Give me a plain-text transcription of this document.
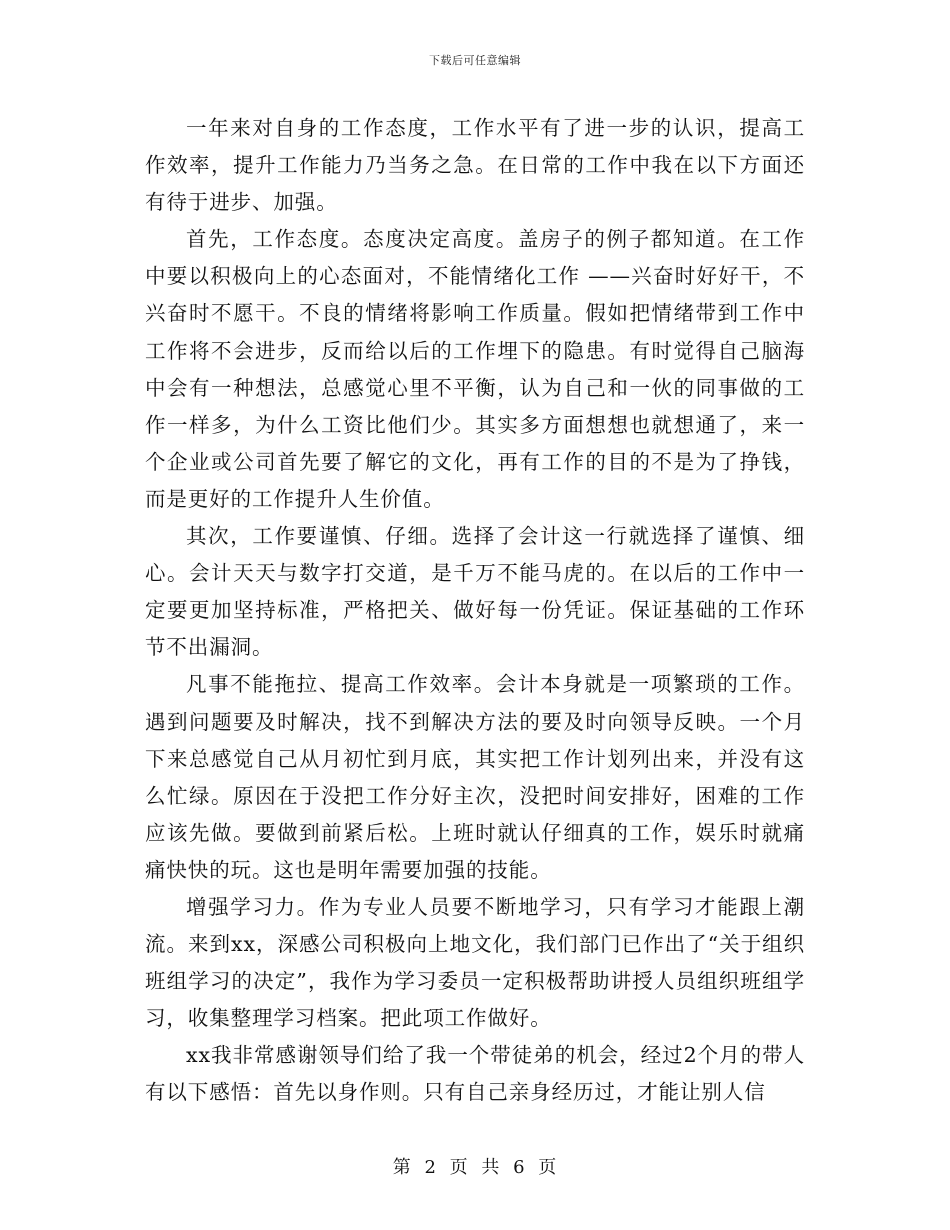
下载后可任意编辑

一年来对自身的工作态度，工作水平有了进一步的认识，提高工作效率，提升工作能力乃当务之急。在日常的工作中我在以下方面还有待于进步、加强。

首先，工作态度。态度决定高度。盖房子的例子都知道。在工作中要以积极向上的心态面对，不能情绪化工作 ——兴奋时好好干，不兴奋时不愿干。不良的情绪将影响工作质量。假如把情绪带到工作中工作将不会进步，反而给以后的工作埋下的隐患。有时觉得自己脑海中会有一种想法，总感觉心里不平衡，认为自己和一伙的同事做的工作一样多，为什么工资比他们少。其实多方面想想也就想通了，来一个企业或公司首先要了解它的文化，再有工作的目的不是为了挣钱，而是更好的工作提升人生价值。

其次，工作要谨慎、仔细。选择了会计这一行就选择了谨慎、细心。会计天天与数字打交道，是千万不能马虎的。在以后的工作中一定要更加坚持标准，严格把关、做好每一份凭证。保证基础的工作环节不出漏洞。

凡事不能拖拉、提高工作效率。会计本身就是一项繁琐的工作。遇到问题要及时解决，找不到解决方法的要及时向领导反映。一个月下来总感觉自己从月初忙到月底，其实把工作计划列出来，并没有这么忙绿。原因在于没把工作分好主次，没把时间安排好，困难的工作应该先做。要做到前紧后松。上班时就认仔细真的工作，娱乐时就痛痛快快的玩。这也是明年需要加强的技能。

增强学习力。作为专业人员要不断地学习，只有学习才能跟上潮流。来到xx，深感公司积极向上地文化，我们部门已作出了“关于组织班组学习的决定”，我作为学习委员一定积极帮助讲授人员组织班组学习，收集整理学习档案。把此项工作做好。

xx我非常感谢领导们给了我一个带徒弟的机会，经过2个月的带人有以下感悟：首先以身作则。只有自己亲身经历过，才能让别人信

第 2 页 共 6 页
